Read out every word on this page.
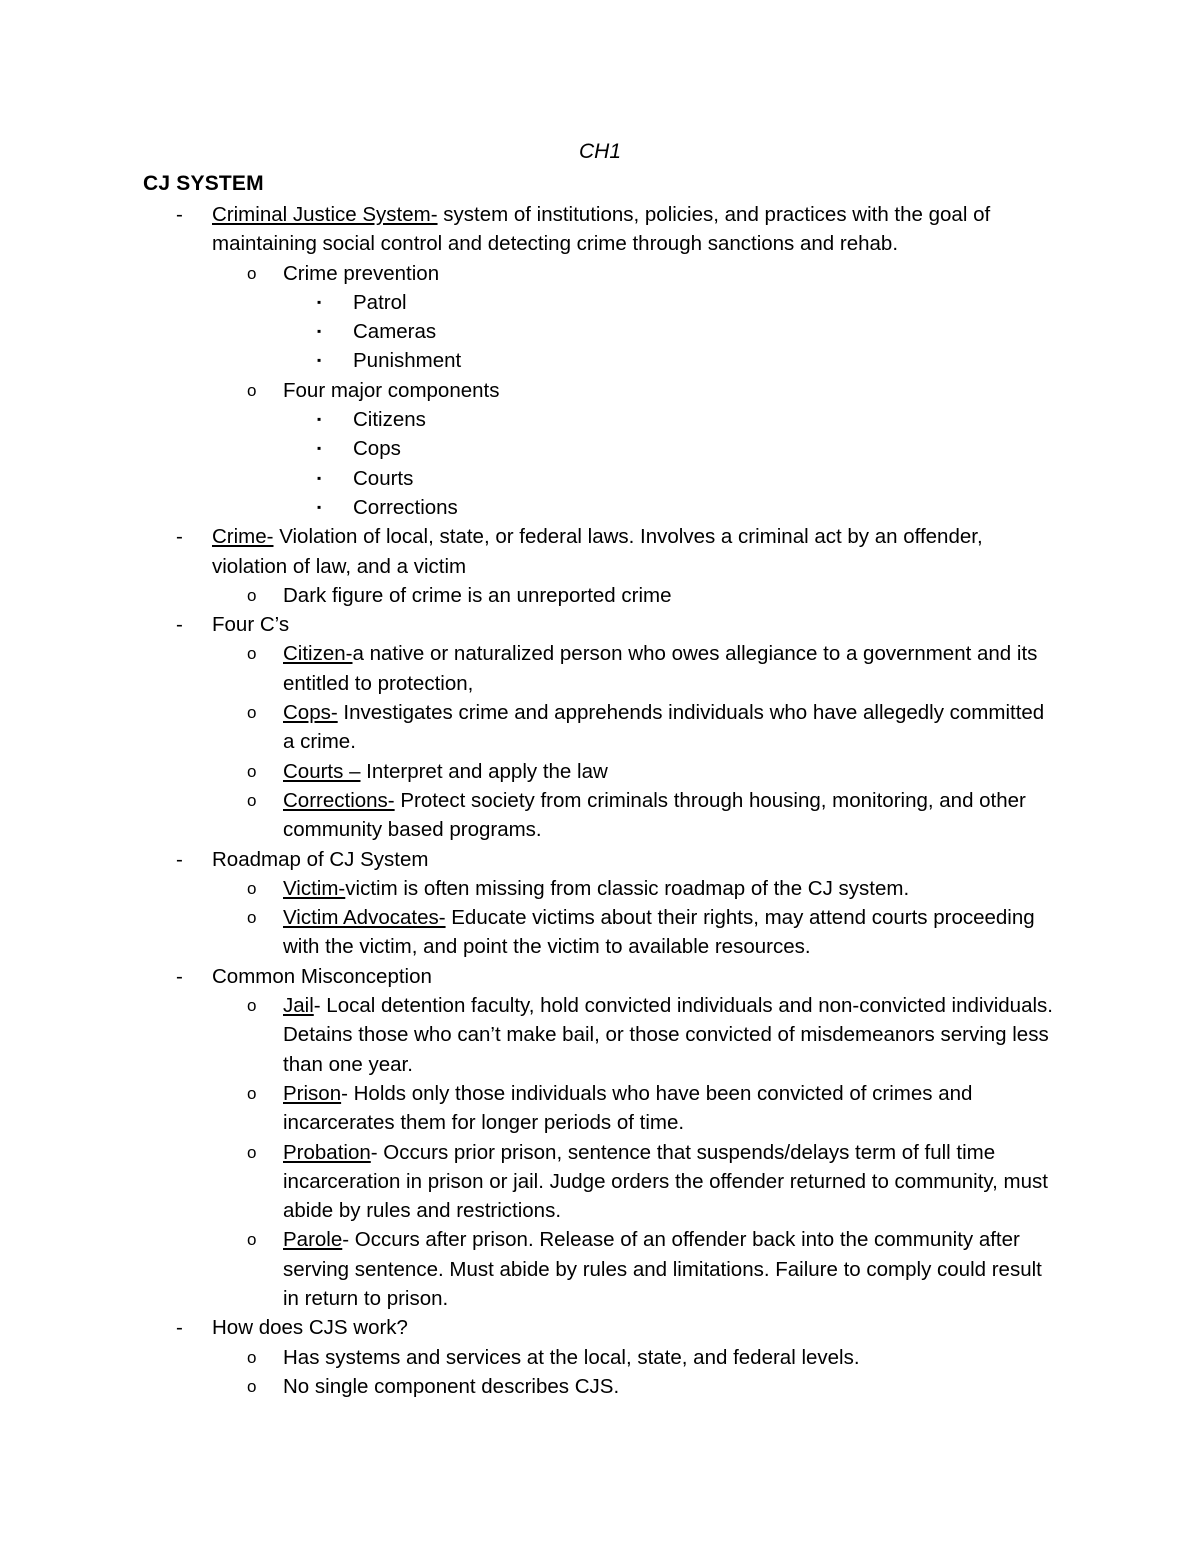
CH1
CJ SYSTEM
- Criminal Justice System- system of institutions, policies, and practices with the goal of maintaining social control and detecting crime through sanctions and rehab.
o Crime prevention
▪ Patrol
▪ Cameras
▪ Punishment
o Four major components
▪ Citizens
▪ Cops
▪ Courts
▪ Corrections
- Crime- Violation of local, state, or federal laws. Involves a criminal act by an offender, violation of law, and a victim
o Dark figure of crime is an unreported crime
- Four C’s
o Citizen-a native or naturalized person who owes allegiance to a government and its entitled to protection,
o Cops- Investigates crime and apprehends individuals who have allegedly committed a crime.
o Courts – Interpret and apply the law
o Corrections- Protect society from criminals through housing, monitoring, and other community based programs.
- Roadmap of CJ System
o Victim-victim is often missing from classic roadmap of the CJ system.
o Victim Advocates- Educate victims about their rights, may attend courts proceeding with the victim, and point the victim to available resources.
- Common Misconception
o Jail- Local detention faculty, hold convicted individuals and non-convicted individuals. Detains those who can’t make bail, or those convicted of misdemeanors serving less than one year.
o Prison- Holds only those individuals who have been convicted of crimes and incarcerates them for longer periods of time.
o Probation- Occurs prior prison, sentence that suspends/delays term of full time incarceration in prison or jail. Judge orders the offender returned to community, must abide by rules and restrictions.
o Parole- Occurs after prison. Release of an offender back into the community after serving sentence. Must abide by rules and limitations. Failure to comply could result in return to prison.
- How does CJS work?
o Has systems and services at the local, state, and federal levels.
o No single component describes CJS.
